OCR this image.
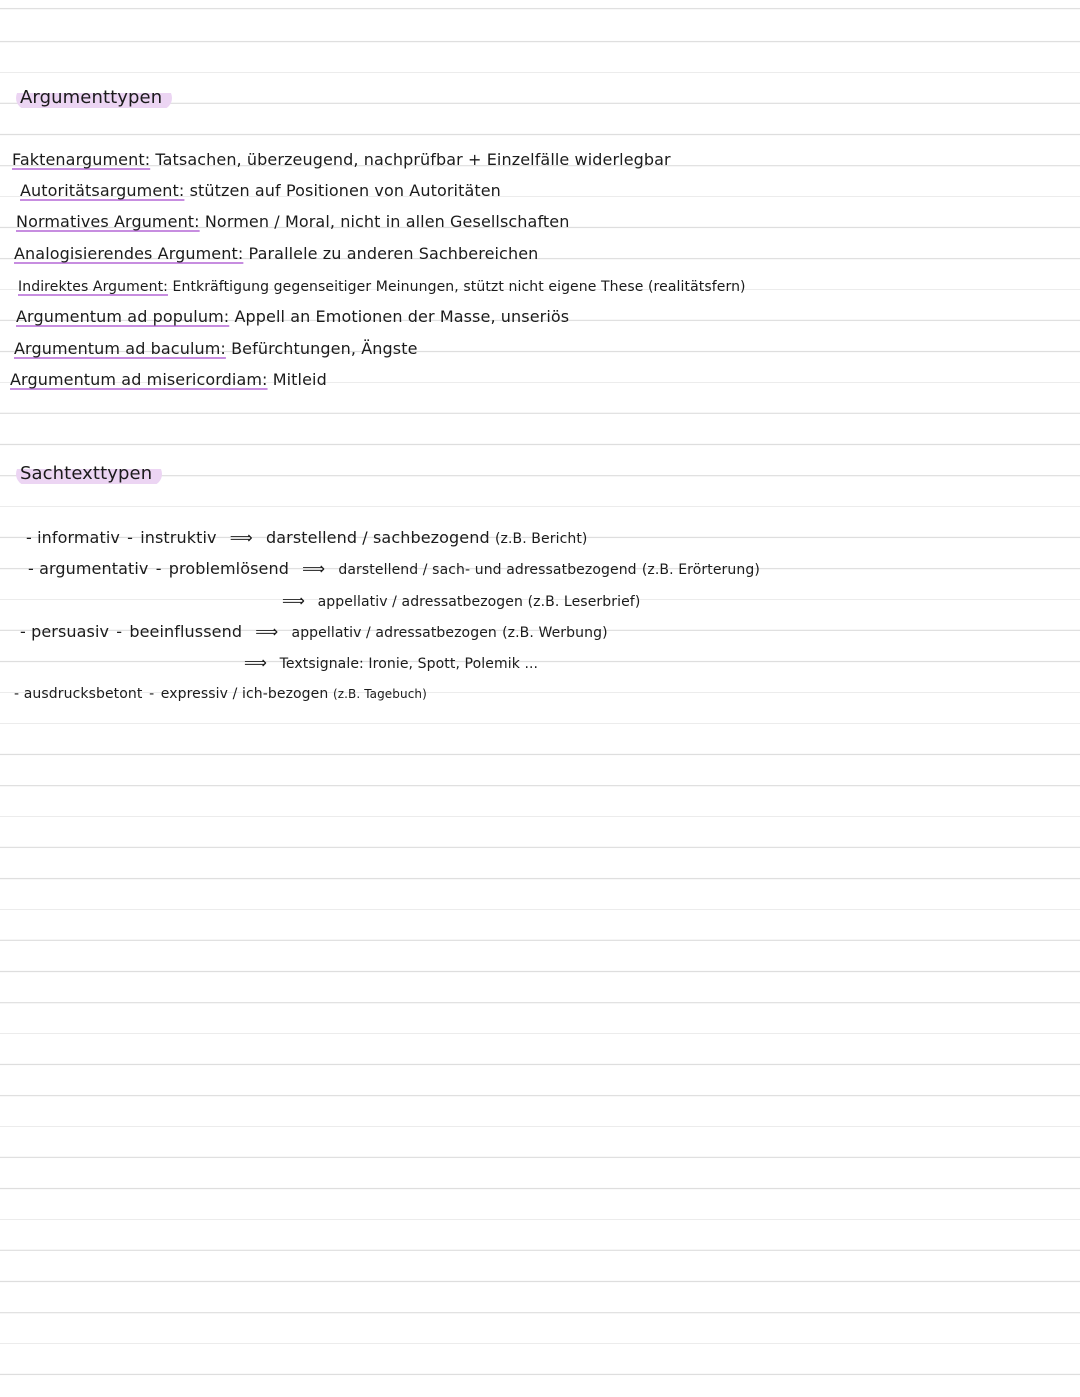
Argumenttypen
Faktenargument: Tatsachen, überzeugend, nachprüfbar + Einzelfälle widerlegbar
Autoritätsargument: stützen auf Positionen von Autoritäten
Normatives Argument: Normen / Moral, nicht in allen Gesellschaften
Analogisierendes Argument: Parallele zu anderen Sachbereichen
Indirektes Argument: Entkräftigung gegenseitiger Meinungen, stützt nicht eigene These (realitätsfern)
Argumentum ad populum: Appell an Emotionen der Masse, unseriös
Argumentum ad baculum: Befürchtungen, Ängste
Argumentum ad misericordiam: Mitleid
Sachtexttypen
- informativ - instruktiv ⟹ darstellend / sachbezogend (z.B. Bericht)
- argumentativ - problemlösend ⟹ darstellend / sach- und adressatbezogend (z.B. Erörterung)
⟹ appellativ / adressatbezogen (z.B. Leserbrief)
- persuasiv - beeinflussend ⟹ appellativ / adressatbezogen (z.B. Werbung)
⟹ Textsignale: Ironie, Spott, Polemik ...
- ausdrucksbetont - expressiv / ich-bezogen (z.B. Tagebuch)
